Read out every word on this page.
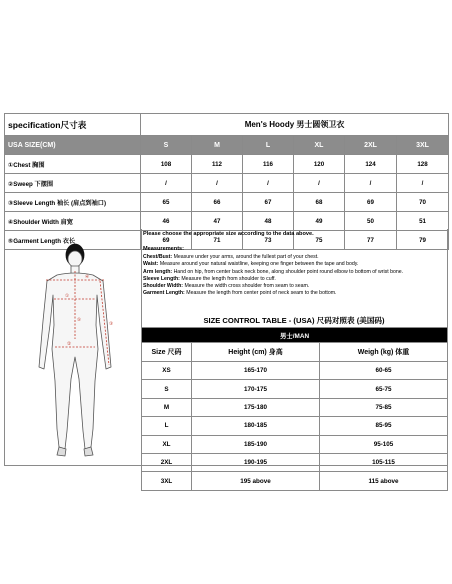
specification尺寸表	Men's Hoody 男士圆领卫衣					
USA SIZE(CM)	S	M	L	XL	2XL	3XL
①Chest 胸围	108	112	116	120	124	128
②Sweep 下摆围	/	/	/	/	/	/
③Sleeve Length 袖长 (肩点到袖口)	65	66	67	68	69	70
④Shoulder Width 肩宽	46	47	48	49	50	51
⑤Garment Length 衣长	69	71	73	75	77	79
①
②
③
④
⑤
Please choose the appropriate size according to the data above.
Measurements:
Chest/Bust: Measure under your arms, around the fullest part of your chest.
Waist: Measure around your natural waistline, keeping one finger between the tape and body.
Arm length: Hand on hip, from center back neck bone, along shoulder point round elbow to bottom of wrist bone.
Sleeve Length: Measure the length from shoulder to cuff.
Shoulder Width: Measure the width cross shoulder from seam to seam.
Garment Length: Measure the length from center point of neck seam to the bottom.
SIZE CONTROL TABLE - (USA) 尺码对照表 (美国码)
男士/MAN		
Size 尺码	Height (cm) 身高	Weigh (kg) 体重
XS	165-170	60-65
S	170-175	65-75
M	175-180	75-85
L	180-185	85-95
XL	185-190	95-105
2XL	190-195	105-115
3XL	195 above	115 above
